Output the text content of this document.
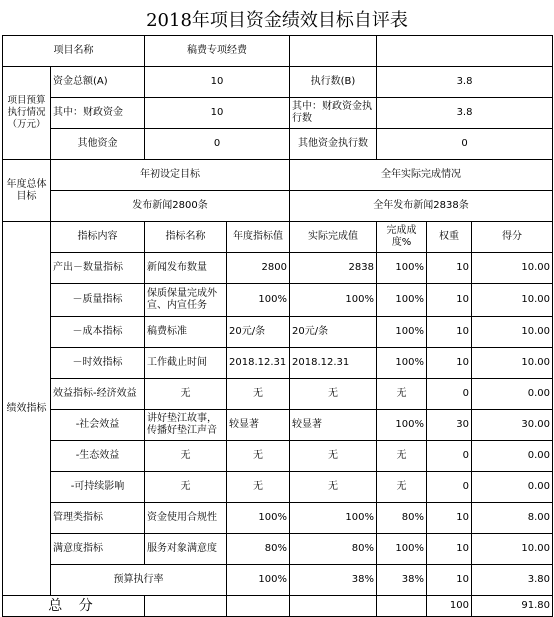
2018年项目资金绩效目标自评表
项目名称		稿费专项经费					
项目预算执行情况（万元）	资金总额(A)	10		执行数(B)	3.8		
	其中：财政资金	10		其中：财政资金执行数	3.8		
	其他资金	0		其他资金执行数	0		
年度总体目标	年初设定目标			全年实际完成情况			
	发布新闻2800条			全年发布新闻2838条			
绩效指标	指标内容	指标名称	年度指标值	实际完成值	完成成度%	权重	得分
	产出－数量指标	新闻发布数量	2800	2838	100%	10	10.00
	－质量指标	保质保量完成外宣、内宣任务	100%	100%	100%	10	10.00
	－成本指标	稿费标准	20元/条	20元/条	100%	10	10.00
	－时效指标	工作截止时间	2018.12.31	2018.12.31	100%	10	10.00
	效益指标-经济效益	无	无	无	无	0	0.00
	-社会效益	讲好垫江故事，传播好垫江声音	较显著	较显著	100%	30	30.00
	-生态效益	无	无	无	无	0	0.00
	-可持续影响	无	无	无	无	0	0.00
	管理类指标	资金使用合规性	100%	100%	80%	10	8.00
	满意度指标	服务对象满意度	80%	80%	100%	10	10.00
	预算执行率		100%	38%	38%	10	3.80
总 分						100	91.80
